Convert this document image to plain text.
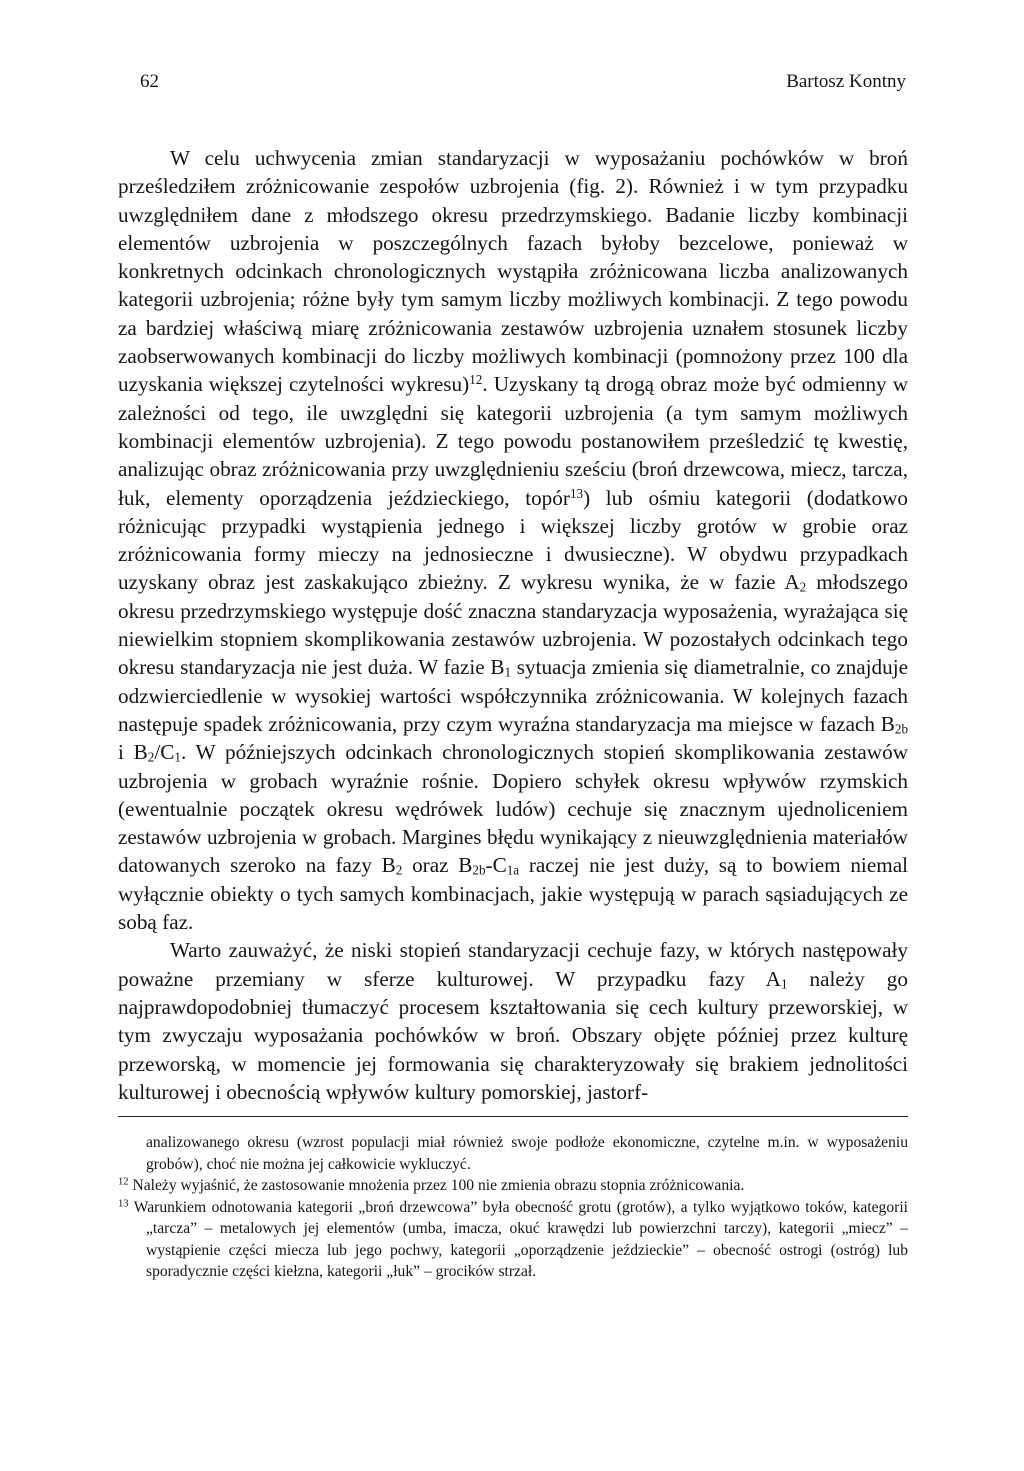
62	Bartosz Kontny

W celu uchwycenia zmian standaryzacji w wyposażaniu pochówków w broń prześledziłem zróżnicowanie zespołów uzbrojenia (fig. 2). Również i w tym przypadku uwzględniłem dane z młodszego okresu przedrzymskiego. Badanie liczby kombinacji elementów uzbrojenia w poszczególnych fazach byłoby bezcelowe, ponieważ w konkretnych odcinkach chronologicznych wystąpiła zróżnicowana liczba analizowanych kategorii uzbrojenia; różne były tym samym liczby możliwych kombinacji. Z tego powodu za bardziej właściwą miarę zróżnicowania zestawów uzbrojenia uznałem stosunek liczby zaobserwowanych kombinacji do liczby możliwych kombinacji (pomnożony przez 100 dla uzyskania większej czytelności wykresu)$^{12}$. Uzyskany tą drogą obraz może być odmienny w zależności od tego, ile uwzględni się kategorii uzbrojenia (a tym samym możliwych kombinacji elementów uzbrojenia). Z tego powodu postanowiłem prześledzić tę kwestię, analizując obraz zróżnicowania przy uwzględnieniu sześciu (broń drzewcowa, miecz, tarcza, łuk, elementy oporządzenia jeździeckiego, topór$^{13}$) lub ośmiu kategorii (dodatkowo różnicując przypadki wystąpienia jednego i większej liczby grotów w grobie oraz zróżnicowania formy mieczy na jednosieczne i dwusieczne). W obydwu przypadkach uzyskany obraz jest zaskakująco zbieżny. Z wykresu wynika, że w fazie $A_2$ młodszego okresu przedrzymskiego występuje dość znaczna standaryzacja wyposażenia, wyrażająca się niewielkim stopniem skomplikowania zestawów uzbrojenia. W pozostałych odcinkach tego okresu standaryzacja nie jest duża. W fazie $B_1$ sytuacja zmienia się diametralnie, co znajduje odzwierciedlenie w wysokiej wartości współczynnika zróżnicowania. W kolejnych fazach następuje spadek zróżnicowania, przy czym wyraźna standaryzacja ma miejsce w fazach $B_{2b}$ i $B_2/C_1$. W późniejszych odcinkach chronologicznych stopień skomplikowania zestawów uzbrojenia w grobach wyraźnie rośnie. Dopiero schyłek okresu wpływów rzymskich (ewentualnie początek okresu wędrówek ludów) cechuje się znacznym ujednoliceniem zestawów uzbrojenia w grobach. Margines błędu wynikający z nieuwzględnienia materiałów datowanych szeroko na fazy $B_2$ oraz $B_{2b}-C_{1a}$ raczej nie jest duży, są to bowiem niemal wyłącznie obiekty o tych samych kombinacjach, jakie występują w parach sąsiadujących ze sobą faz.

Warto zauważyć, że niski stopień standaryzacji cechuje fazy, w których następowały poważne przemiany w sferze kulturowej. W przypadku fazy $A_1$ należy go najprawdopodobniej tłumaczyć procesem kształtowania się cech kultury przeworskiej, w tym zwyczaju wyposażania pochówków w broń. Obszary objęte później przez kulturę przeworską, w momencie jej formowania się charakteryzowały się brakiem jednolitości kulturowej i obecnością wpływów kultury pomorskiej, jastorf-

analizowanego okresu (wzrost populacji miał również swoje podłoże ekonomiczne, czytelne m.in. w wyposażeniu grobów), choć nie można jej całkowicie wykluczyć.

$^{12}$ Należy wyjaśnić, że zastosowanie mnożenia przez 100 nie zmienia obrazu stopnia zróżnicowania.

$^{13}$ Warunkiem odnotowania kategorii „broń drzewcowa” była obecność grotu (grotów), a tylko wyjątkowo toków, kategorii „tarcza” – metalowych jej elementów (umba, imacza, okuć krawędzi lub powierzchni tarczy), kategorii „miecz” – wystąpienie części miecza lub jego pochwy, kategorii „oporządzenie jeździeckie” – obecność ostrogi (ostróg) lub sporadycznie części kiełzna, kategorii „łuk” – grocików strzał.
